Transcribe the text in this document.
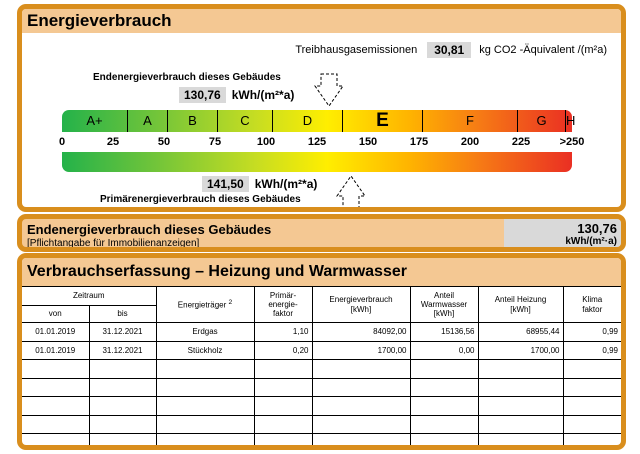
Energieverbrauch
Treibhausgasemissionen	30,81	kg CO2 -Äquivalent /(m²a)
Endenergieverbrauch dieses Gebäudes
130,76 kWh/(m²*a)
A+	A	B	C	D	E	F	G	H
0	25	50	75	100	125	150	175	200	225	>250
141,50 kWh/(m²*a)
Primärenergieverbrauch dieses Gebäudes
Endenergieverbrauch dieses Gebäudes
[Pflichtangabe für Immobilienanzeigen]
130,76
kWh/(m²·a)
Verbrauchserfassung – Heizung und Warmwasser
Zeitraum		Energieträger $^2$	Primär-
energie-
faktor	Energieverbrauch
[kWh]	Anteil
Warmwasser
[kWh]	Anteil Heizung
[kWh]	Klima
faktor
von	bis						
01.01.2019	31.12.2021	Erdgas	1,10	84092,00	15136,56	68955,44	0,99
01.01.2019	31.12.2021	Stückholz	0,20	1700,00	0,00	1700,00	0,99
